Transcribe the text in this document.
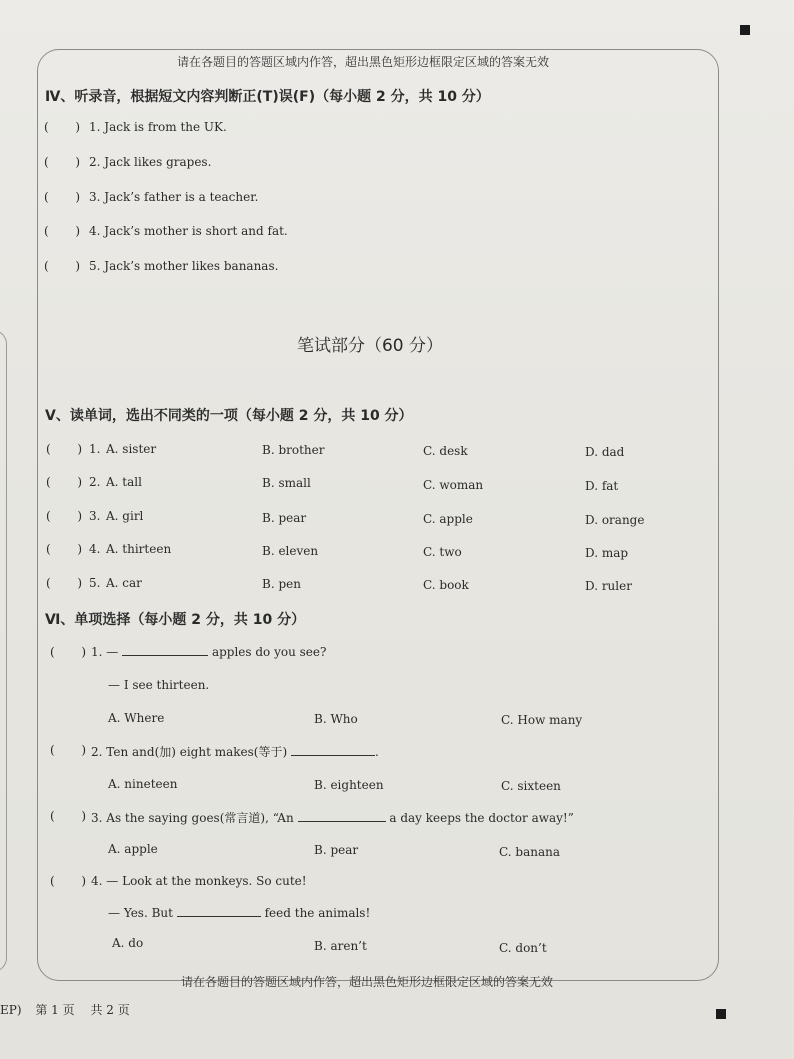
请在各题目的答题区域内作答，超出黑色矩形边框限定区域的答案无效
Ⅳ、听录音，根据短文内容判断正(T)误(F)（每小题 2 分，共 10 分）
(       ) 1. Jack is from the UK.
(       ) 2. Jack likes grapes.
(       ) 3. Jack’s father is a teacher.
(       ) 4. Jack’s mother is short and fat.
(       ) 5. Jack’s mother likes bananas.
笔试部分（60 分）
Ⅴ、读单词，选出不同类的一项（每小题 2 分，共 10 分）
(       ) 1. A. sister	B. brother	C. desk	D. dad
(       ) 2. A. tall	B. small	C. woman	D. fat
(       ) 3. A. girl	B. pear	C. apple	D. orange
(       ) 4. A. thirteen	B. eleven	C. two	D. map
(       ) 5. A. car	B. pen	C. book	D. ruler
Ⅵ、单项选择（每小题 2 分，共 10 分）
(       ) 1. —	apples do you see?
— I see thirteen.
A. Where	B. Who	C. How many
(       ) 2. Ten and(加) eight makes(等于)	.
A. nineteen	B. eighteen	C. sixteen
(       ) 3. As the saying goes(常言道), “An	a day keeps the doctor away!”
A. apple	B. pear	C. banana
(       ) 4. — Look at the monkeys. So cute!
— Yes. But	feed the animals!
A. do	B. aren’t	C. don’t
请在各题目的答题区域内作答，超出黑色矩形边框限定区域的答案无效
EP) 第 1 页 共 2 页
